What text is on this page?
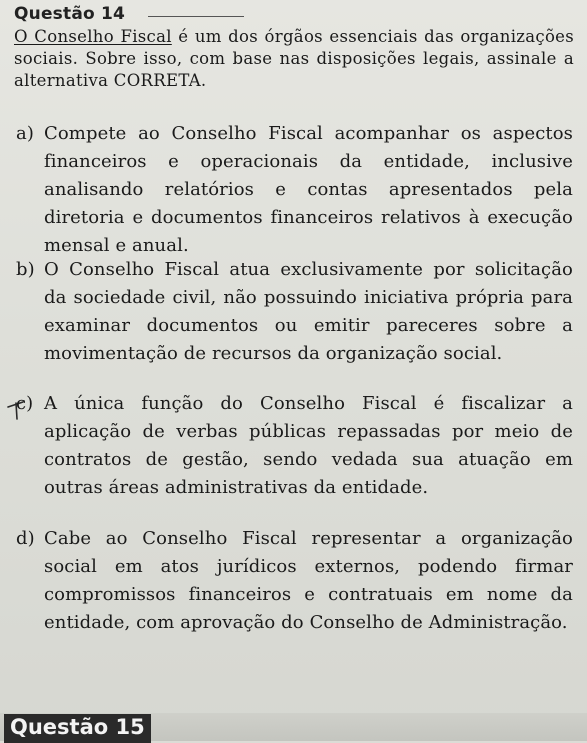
Questão 14
O Conselho Fiscal é um dos órgãos essenciais das organizações sociais. Sobre isso, com base nas disposições legais, assinale a alternativa CORRETA.
a) Compete ao Conselho Fiscal acompanhar os aspectos financeiros e operacionais da entidade, inclusive analisando relatórios e contas apresentados pela diretoria e documentos financeiros relativos à execução mensal e anual.
b) O Conselho Fiscal atua exclusivamente por solicitação da sociedade civil, não possuindo iniciativa própria para examinar documentos ou emitir pareceres sobre a movimentação de recursos da organização social.
c) A única função do Conselho Fiscal é fiscalizar a aplicação de verbas públicas repassadas por meio de contratos de gestão, sendo vedada sua atuação em outras áreas administrativas da entidade.
d) Cabe ao Conselho Fiscal representar a organização social em atos jurídicos externos, podendo firmar compromissos financeiros e contratuais em nome da entidade, com aprovação do Conselho de Administração.
Questão 15
